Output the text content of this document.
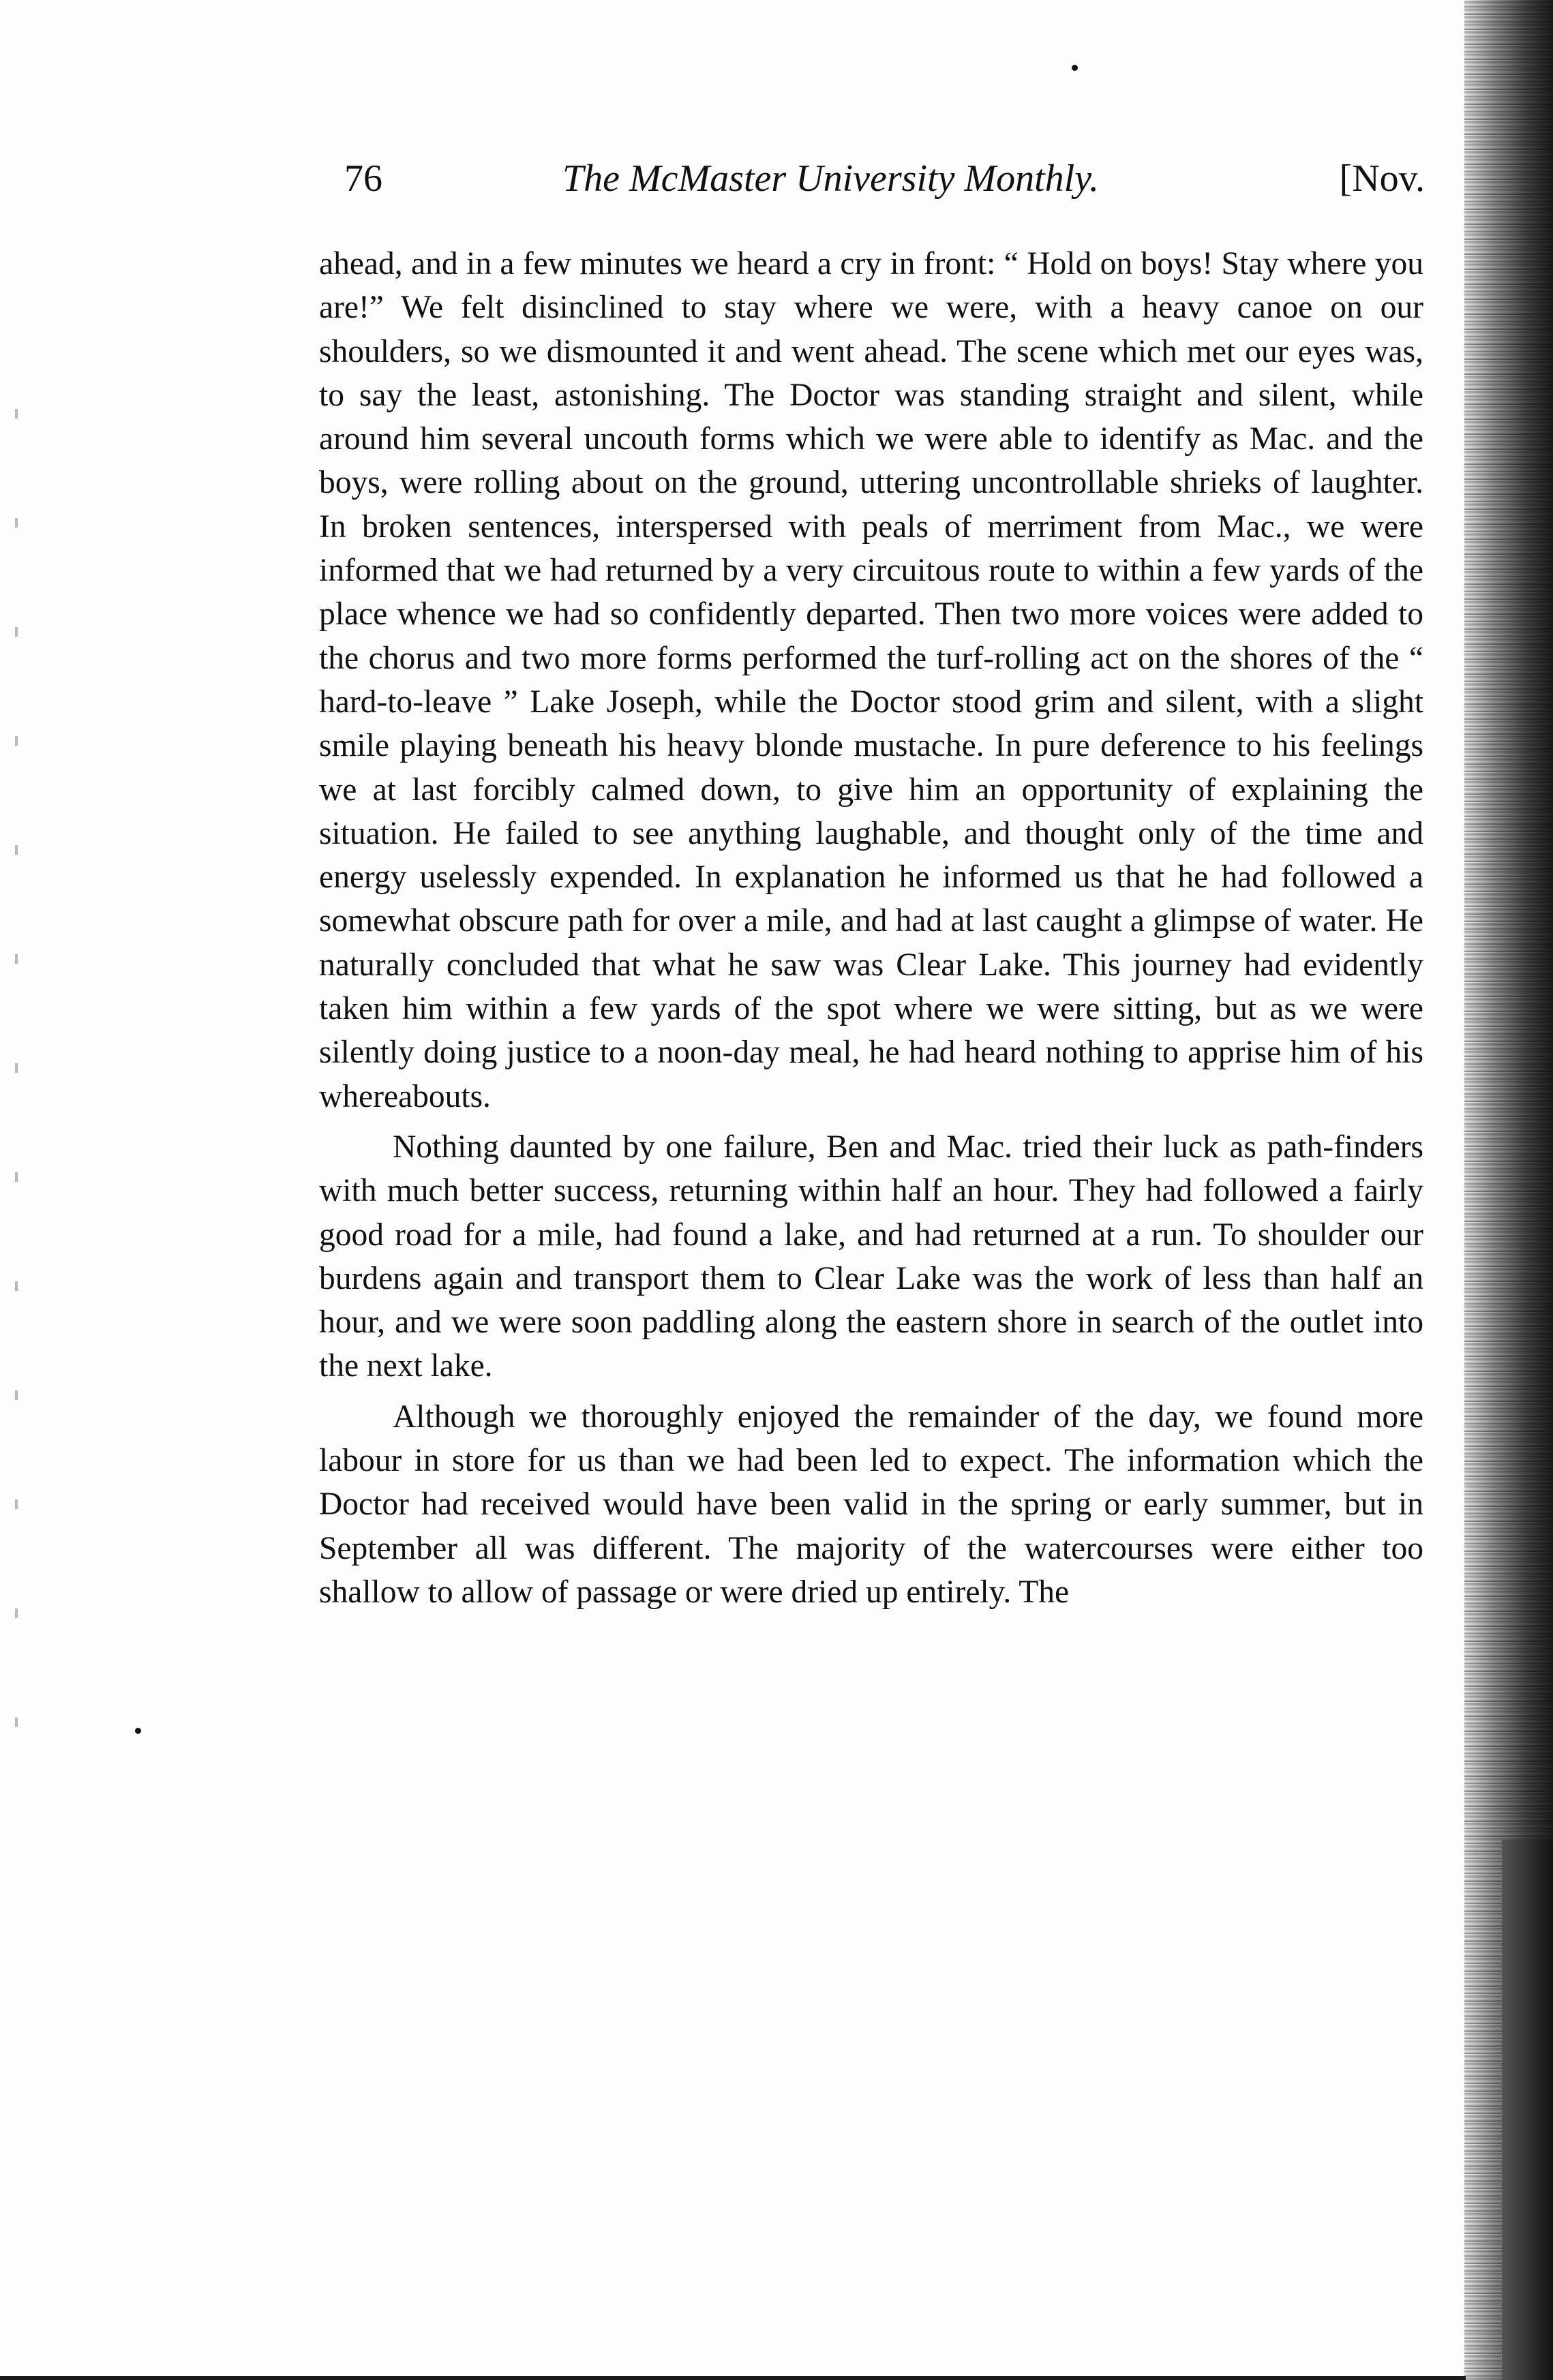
76	The McMaster University Monthly.	[Nov.

ahead, and in a few minutes we heard a cry in front: “ Hold on boys! Stay where you are!” We felt disinclined to stay where we were, with a heavy canoe on our shoulders, so we dismounted it and went ahead. The scene which met our eyes was, to say the least, astonishing. The Doctor was standing straight and silent, while around him several uncouth forms which we were able to identify as Mac. and the boys, were rolling about on the ground, uttering uncontrollable shrieks of laughter. In broken sentences, interspersed with peals of merriment from Mac., we were informed that we had returned by a very circuitous route to within a few yards of the place whence we had so confidently departed. Then two more voices were added to the chorus and two more forms performed the turf-rolling act on the shores of the “ hard-to-leave ” Lake Joseph, while the Doctor stood grim and silent, with a slight smile playing beneath his heavy blonde mustache. In pure deference to his feelings we at last forcibly calmed down, to give him an opportunity of explaining the situation. He failed to see anything laughable, and thought only of the time and energy uselessly expended. In explanation he informed us that he had followed a somewhat obscure path for over a mile, and had at last caught a glimpse of water. He naturally concluded that what he saw was Clear Lake. This journey had evidently taken him within a few yards of the spot where we were sitting, but as we were silently doing justice to a noon-day meal, he had heard nothing to apprise him of his whereabouts.

Nothing daunted by one failure, Ben and Mac. tried their luck as path-finders with much better success, returning within half an hour. They had followed a fairly good road for a mile, had found a lake, and had returned at a run. To shoulder our burdens again and transport them to Clear Lake was the work of less than half an hour, and we were soon paddling along the eastern shore in search of the outlet into the next lake.

Although we thoroughly enjoyed the remainder of the day, we found more labour in store for us than we had been led to expect. The information which the Doctor had received would have been valid in the spring or early summer, but in September all was different. The majority of the watercourses were either too shallow to allow of passage or were dried up entirely. The
